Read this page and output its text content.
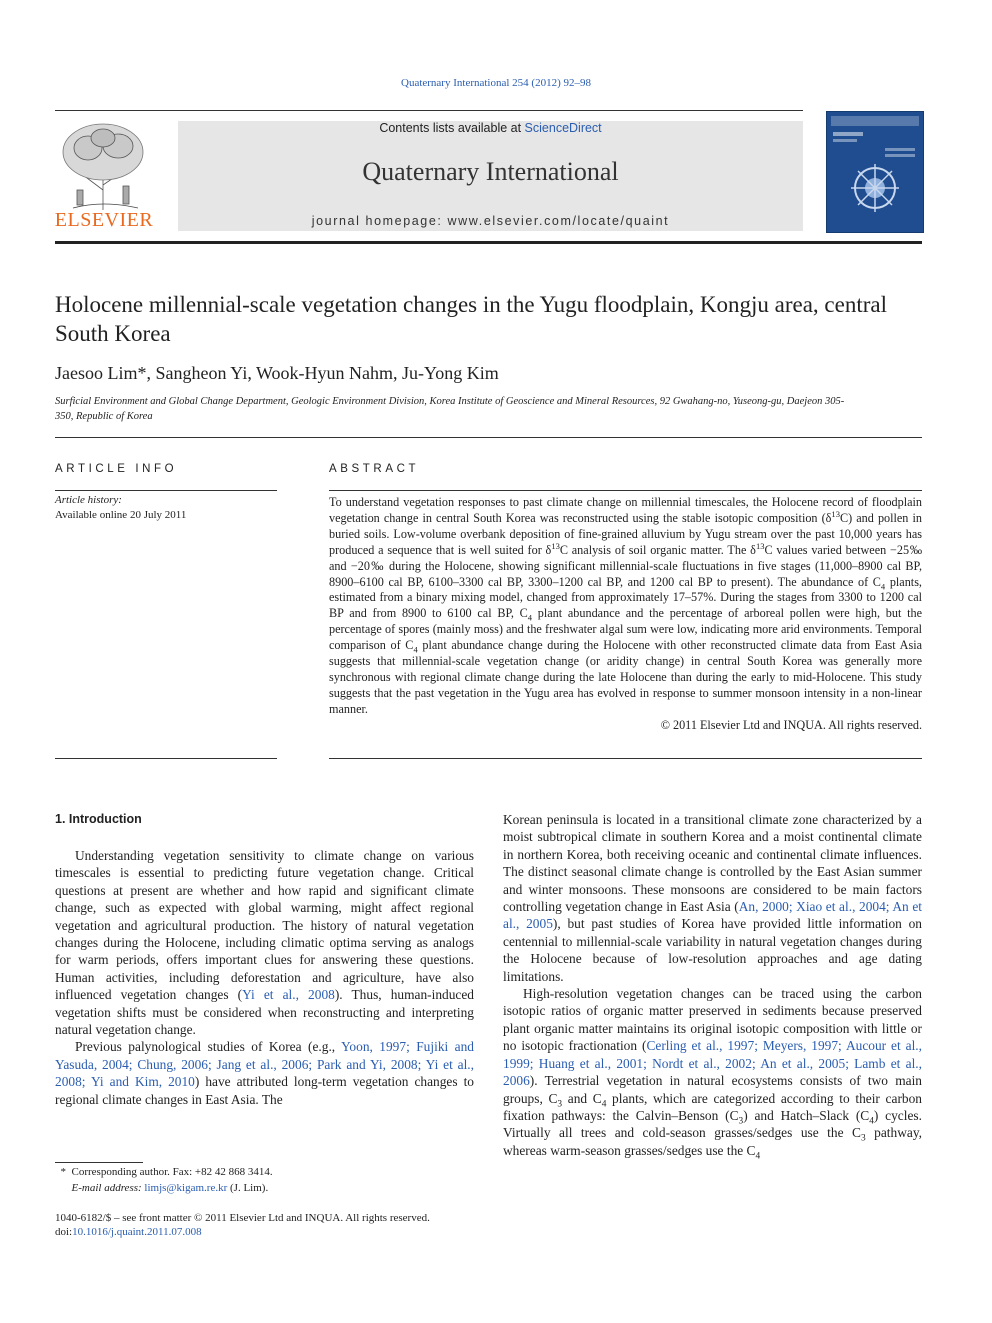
Quaternary International 254 (2012) 92–98
ELSEVIER
Contents lists available at ScienceDirect
Quaternary International
journal homepage: www.elsevier.com/locate/quaint
Holocene millennial-scale vegetation changes in the Yugu floodplain, Kongju area, central South Korea
Jaesoo Lim*, Sangheon Yi, Wook-Hyun Nahm, Ju-Yong Kim
Surficial Environment and Global Change Department, Geologic Environment Division, Korea Institute of Geoscience and Mineral Resources, 92 Gwahang-no, Yuseong-gu, Daejeon 305-350, Republic of Korea
ARTICLE INFO	ABSTRACT
Article history:
Available online 20 July 2011
To understand vegetation responses to past climate change on millennial timescales, the Holocene record of floodplain vegetation change in central South Korea was reconstructed using the stable isotopic composition $(\delta^{13}C)$ and pollen in buried soils. Low-volume overbank deposition of fine-grained alluvium by Yugu stream over the past 10,000 years has produced a sequence that is well suited for $\delta^{13}C$ analysis of soil organic matter. The $\delta^{13}C$ values varied between −25‰ and −20‰ during the Holocene, showing significant millennial-scale fluctuations in five stages (11,000–8900 cal BP, 8900–6100 cal BP, 6100–3300 cal BP, 3300–1200 cal BP, and 1200 cal BP to present). The abundance of $C_4$ plants, estimated from a binary mixing model, changed from approximately 17–57%. During the stages from 3300 to 1200 cal BP and from 8900 to 6100 cal BP, $C_4$ plant abundance and the percentage of arboreal pollen were high, but the percentage of spores (mainly moss) and the freshwater algal sum were low, indicating more arid environments. Temporal comparison of $C_4$ plant abundance change during the Holocene with other reconstructed climate data from East Asia suggests that millennial-scale vegetation change (or aridity change) in central South Korea was generally more synchronous with regional climate change during the late Holocene than during the early to mid-Holocene. This study suggests that the past vegetation in the Yugu area has evolved in response to summer monsoon intensity in a non-linear manner.
© 2011 Elsevier Ltd and INQUA. All rights reserved.
1. Introduction

Understanding vegetation sensitivity to climate change on various timescales is essential to predicting future vegetation change. Critical questions at present are whether and how rapid and significant climate change, such as expected with global warming, might affect regional vegetation and agricultural production. The history of natural vegetation changes during the Holocene, including climatic optima serving as analogs for warm periods, offers important clues for answering these questions. Human activities, including deforestation and agriculture, have also influenced vegetation changes (Yi et al., 2008). Thus, human-induced vegetation shifts must be considered when reconstructing and interpreting natural vegetation change.

Previous palynological studies of Korea (e.g., Yoon, 1997; Fujiki and Yasuda, 2004; Chung, 2006; Jang et al., 2006; Park and Yi, 2008; Yi et al., 2008; Yi and Kim, 2010) have attributed long-term vegetation changes to regional climate changes in East Asia. The

Korean peninsula is located in a transitional climate zone characterized by a moist subtropical climate in southern Korea and a moist continental climate in northern Korea, both receiving oceanic and continental climate influences. The distinct seasonal climate change is controlled by the East Asian summer and winter monsoons. These monsoons are considered to be main factors controlling vegetation change in East Asia (An, 2000; Xiao et al., 2004; An et al., 2005), but past studies of Korea have provided little information on centennial to millennial-scale variability in natural vegetation changes during the Holocene because of low-resolution approaches and age dating limitations.

High-resolution vegetation changes can be traced using the carbon isotopic ratios of organic matter preserved in sediments because preserved plant organic matter maintains its original isotopic composition with little or no isotopic fractionation (Cerling et al., 1997; Meyers, 1997; Aucour et al., 1999; Huang et al., 2001; Nordt et al., 2002; An et al., 2005; Lamb et al., 2006). Terrestrial vegetation in natural ecosystems consists of two main groups, $C_3$ and $C_4$ plants, which are categorized according to their carbon fixation pathways: the Calvin–Benson $(C_3)$ and Hatch–Slack $(C_4)$ cycles. Virtually all trees and cold-season grasses/sedges use the $C_3$ pathway, whereas warm-season grasses/sedges use the $C_4$

*  Corresponding author. Fax: +82 42 868 3414.
E-mail address: limjs@kigam.re.kr (J. Lim).
1040-6182/$ – see front matter © 2011 Elsevier Ltd and INQUA. All rights reserved.
doi:10.1016/j.quaint.2011.07.008
